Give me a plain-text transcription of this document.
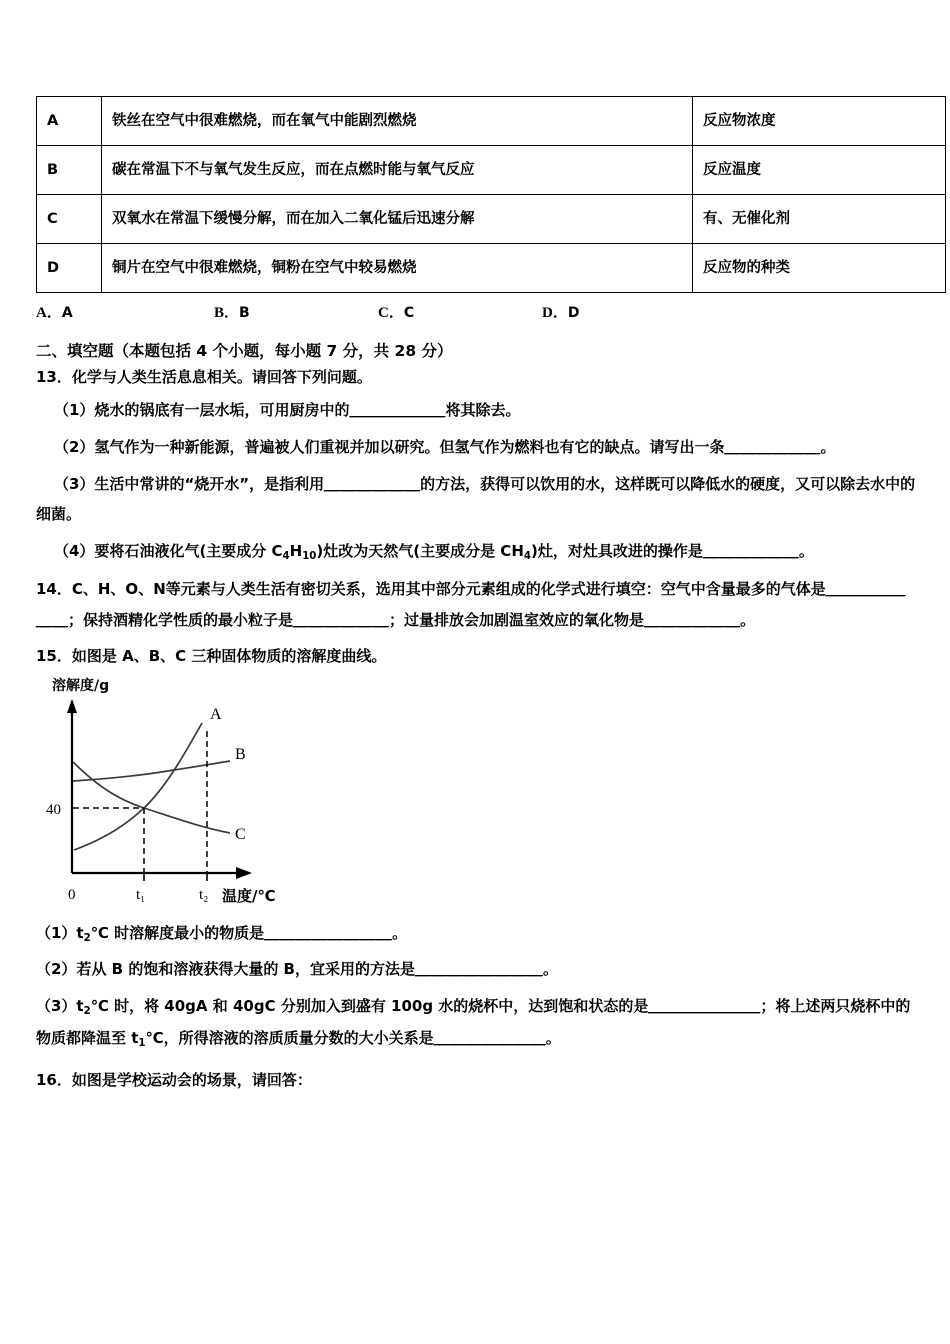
A	铁丝在空气中很难燃烧，而在氧气中能剧烈燃烧	反应物浓度
B	碳在常温下不与氧气发生反应，而在点燃时能与氧气反应	反应温度
C	双氧水在常温下缓慢分解，而在加入二氧化锰后迅速分解	有、无催化剂
D	铜片在空气中很难燃烧，铜粉在空气中较易燃烧	反应物的种类
A．A	B．B	C．C	D．D
二、填空题（本题包括 4 个小题，每小题 7 分，共 28 分）
13．化学与人类生活息息相关。请回答下列问题。
（1）烧水的锅底有一层水垢，可用厨房中的＿＿＿＿＿＿将其除去。
（2）氢气作为一种新能源，普遍被人们重视并加以研究。但氢气作为燃料也有它的缺点。请写出一条＿＿＿＿＿＿。
（3）生活中常讲的“烧开水”，是指利用＿＿＿＿＿＿的方法，获得可以饮用的水，这样既可以降低水的硬度，又可以除去水中的细菌。
（4）要将石油液化气(主要成分 $C_4H_{10}$)灶改为天然气(主要成分是 $CH_4$)灶，对灶具改进的操作是＿＿＿＿＿＿。
14．C、H、O、N等元素与人类生活有密切关系，选用其中部分元素组成的化学式进行填空：空气中含量最多的气体是＿＿＿＿＿＿＿；保持酒精化学性质的最小粒子是＿＿＿＿＿＿；过量排放会加剧温室效应的氧化物是＿＿＿＿＿＿。
15．如图是 A、B、C 三种固体物质的溶解度曲线。
溶解度/g
A
B
C
40
0	t₁	t₂ 温度/℃
$(1)t_2℃$ 时溶解度最小的物质是＿＿＿＿＿＿＿＿。
（2）若从 B 的饱和溶液获得大量的 B，宜采用的方法是＿＿＿＿＿＿＿＿。
$(3)t_2℃$ 时，将 40gA 和 40gC 分别加入到盛有 100g 水的烧杯中，达到饱和状态的是＿＿＿＿＿＿＿；将上述两只烧杯中的物质都降温至 $t_1℃$，所得溶液的溶质质量分数的大小关系是＿＿＿＿＿＿＿。
16．如图是学校运动会的场景，请回答：
